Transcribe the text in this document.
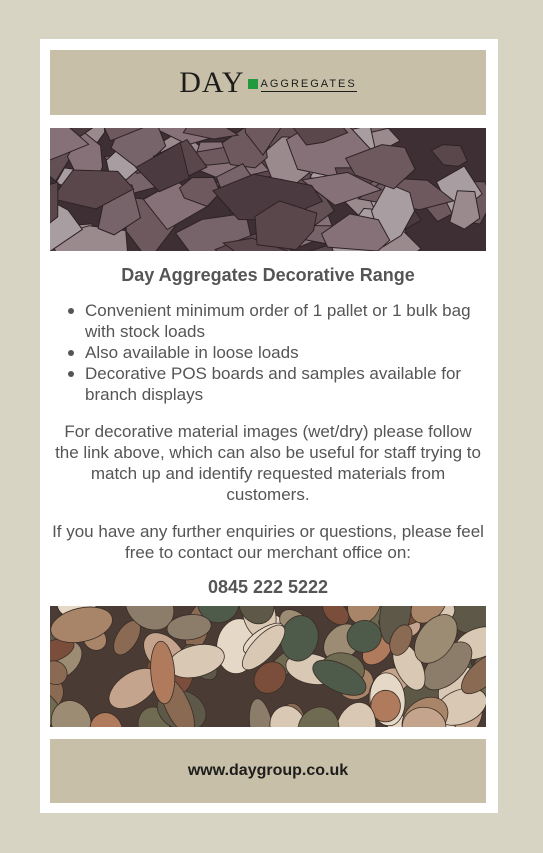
DAY AGGREGATES
Day Aggregates Decorative Range
Convenient minimum order of 1 pallet or 1 bulk bag with stock loads
Also available in loose loads
Decorative POS boards and samples available for branch displays
For decorative material images (wet/dry) please follow the link above, which can also be useful for staff trying to match up and identify requested materials from customers.
If you have any further enquiries or questions, please feel free to contact our merchant office on:
0845 222 5222
www.daygroup.co.uk
